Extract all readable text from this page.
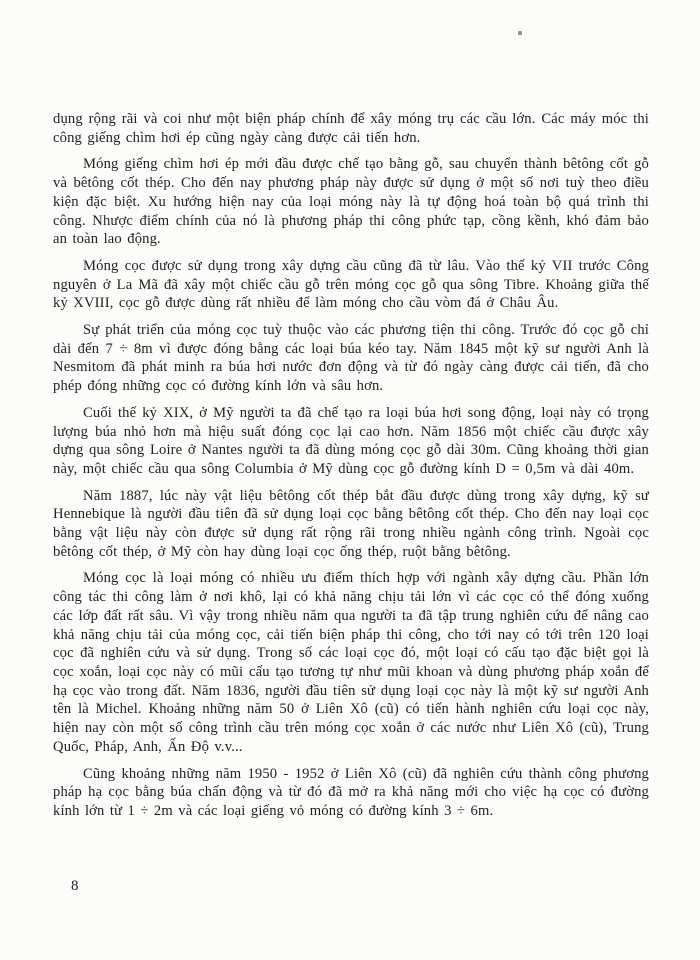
dụng rộng rãi và coi như một biện pháp chính để xây móng trụ các cầu lớn. Các máy móc thi công giếng chìm hơi ép cũng ngày càng được cải tiến hơn.

Móng giếng chìm hơi ép mới đầu được chế tạo bằng gỗ, sau chuyển thành bêtông cốt gỗ và bêtông cốt thép. Cho đến nay phương pháp này được sử dụng ở một số nơi tuỳ theo điều kiện đặc biệt. Xu hướng hiện nay của loại móng này là tự động hoá toàn bộ quá trình thi công. Nhược điểm chính của nó là phương pháp thi công phức tạp, cồng kềnh, khó đảm bảo an toàn lao động.

Móng cọc được sử dụng trong xây dựng cầu cũng đã từ lâu. Vào thế kỷ VII trước Công nguyên ở La Mã đã xây một chiếc cầu gỗ trên móng cọc gỗ qua sông Tibre. Khoảng giữa thế kỷ XVIII, cọc gỗ được dùng rất nhiều để làm móng cho cầu vòm đá ở Châu Âu.

Sự phát triển của móng cọc tuỳ thuộc vào các phương tiện thi công. Trước đó cọc gỗ chỉ dài đến 7 ÷ 8m vì được đóng bằng các loại búa kéo tay. Năm 1845 một kỹ sư người Anh là Nesmitom đã phát minh ra búa hơi nước đơn động và từ đó ngày càng được cải tiến, đã cho phép đóng những cọc có đường kính lớn và sâu hơn.

Cuối thế kỷ XIX, ở Mỹ người ta đã chế tạo ra loại búa hơi song động, loại này có trọng lượng búa nhỏ hơn mà hiệu suất đóng cọc lại cao hơn. Năm 1856 một chiếc cầu được xây dựng qua sông Loire ở Nantes người ta đã dùng móng cọc gỗ dài 30m. Cũng khoảng thời gian này, một chiếc cầu qua sông Columbia ở Mỹ dùng cọc gỗ đường kính D = 0,5m và dài 40m.

Năm 1887, lúc này vật liệu bêtông cốt thép bắt đầu được dùng trong xây dựng, kỹ sư Hennebique là người đầu tiên đã sử dụng loại cọc bằng bêtông cốt thép. Cho đến nay loại cọc bằng vật liệu này còn được sử dụng rất rộng rãi trong nhiều ngành công trình. Ngoài cọc bêtông cốt thép, ở Mỹ còn hay dùng loại cọc ống thép, ruột bằng bêtông.

Móng cọc là loại móng có nhiều ưu điểm thích hợp với ngành xây dựng cầu. Phần lớn công tác thi công làm ở nơi khô, lại có khả năng chịu tải lớn vì các cọc có thể đóng xuống các lớp đất rất sâu. Vì vậy trong nhiều năm qua người ta đã tập trung nghiên cứu để nâng cao khả năng chịu tải của móng cọc, cải tiến biện pháp thi công, cho tới nay có tới trên 120 loại cọc đã nghiên cứu và sử dụng. Trong số các loại cọc đó, một loại có cấu tạo đặc biệt gọi là cọc xoắn, loại cọc này có mũi cấu tạo tương tự như mũi khoan và dùng phương pháp xoắn để hạ cọc vào trong đất. Năm 1836, người đầu tiên sử dụng loại cọc này là một kỹ sư người Anh tên là Michel. Khoảng những năm 50 ở Liên Xô (cũ) có tiến hành nghiên cứu loại cọc này, hiện nay còn một số công trình cầu trên móng cọc xoắn ở các nước như Liên Xô (cũ), Trung Quốc, Pháp, Anh, Ấn Độ v.v...

Cũng khoảng những năm 1950 - 1952 ở Liên Xô (cũ) đã nghiên cứu thành công phương pháp hạ cọc bằng búa chấn động và từ đó đã mở ra khả năng mới cho việc hạ cọc có đường kính lớn từ 1 ÷ 2m và các loại giếng vỏ móng có đường kính 3 ÷ 6m.

8
